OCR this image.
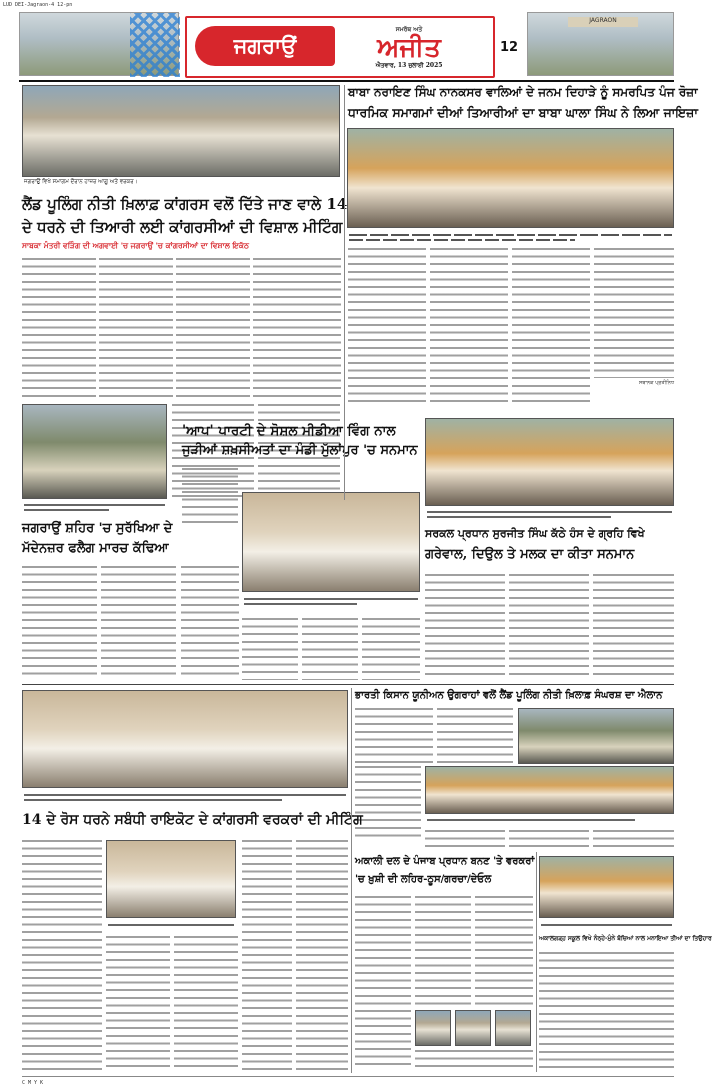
LUD DEI-Jagraon-4 12-pn
ਜਗਰਾਉਂ
ਸਮਰੱਥ ਅਤੇ
ਅਜੀਤ
ਐਤਵਾਰ, 13 ਜੁਲਾਈ 2025
12
JAGRAON
ਜਗਰਾਉਂ ਵਿਖੇ ਸਮਾਗਮ ਦੌਰਾਨ ਹਾਜ਼ਰ ਆਗੂ ਅਤੇ ਵਰਕਰ।
ਬਾਬਾ ਨਰਾਇਣ ਸਿੰਘ ਨਾਨਕਸਰ ਵਾਲਿਆਂ ਦੇ ਜਨਮ ਦਿਹਾੜੇ ਨੂੰ ਸਮਰਪਿਤ ਪੰਜ ਰੋਜ਼ਾ
ਧਾਰਮਿਕ ਸਮਾਗਮਾਂ ਦੀਆਂ ਤਿਆਰੀਆਂ ਦਾ ਬਾਬਾ ਘਾਲਾ ਸਿੰਘ ਨੇ ਲਿਆ ਜਾਇਜ਼ਾ
ਲੈਂਡ ਪੂਲਿੰਗ ਨੀਤੀ ਖ਼ਿਲਾਫ਼ ਕਾਂਗਰਸ ਵਲੋਂ ਦਿੱਤੇ ਜਾਣ ਵਾਲੇ 14
ਦੇ ਧਰਨੇ ਦੀ ਤਿਆਰੀ ਲਈ ਕਾਂਗਰਸੀਆਂ ਦੀ ਵਿਸ਼ਾਲ ਮੀਟਿੰਗ
ਸਾਬਕਾ ਮੰਤਰੀ ਵੜਿੰਗ ਦੀ ਅਗਵਾਈ 'ਚ ਜਗਰਾਉਂ 'ਚ ਕਾਂਗਰਸੀਆਂ ਦਾ ਵਿਸ਼ਾਲ ਇਕੱਠ
ਸਥਾਨਕ ਪ੍ਰਤੀਨਿਧ
'ਆਪ' ਪਾਰਟੀ ਦੇ ਸੋਸ਼ਲ ਮੀਡੀਆ ਵਿੰਗ ਨਾਲ
ਜੁੜੀਆਂ ਸ਼ਖ਼ਸੀਅਤਾਂ ਦਾ ਮੰਡੀ ਮੁੱਲਾਂਪੁਰ 'ਚ ਸਨਮਾਨ
ਜਗਰਾਉਂ ਸ਼ਹਿਰ 'ਚ ਸੁਰੱਖਿਆ ਦੇ
ਮੱਦੇਨਜ਼ਰ ਫਲੈਗ ਮਾਰਚ ਕੱਢਿਆ
ਸਰਕਲ ਪ੍ਰਧਾਨ ਸੁਰਜੀਤ ਸਿੰਘ ਕੱਠੇ ਹੰਸ ਦੇ ਗ੍ਰਹਿ ਵਿਖੇ
ਗਰੇਵਾਲ, ਦਿਉਲ ਤੇ ਮਲਕ ਦਾ ਕੀਤਾ ਸਨਮਾਨ
ਭਾਰਤੀ ਕਿਸਾਨ ਯੂਨੀਅਨ ਉਗਰਾਹਾਂ ਵਲੋਂ ਲੈਂਡ ਪੂਲਿੰਗ ਨੀਤੀ ਖ਼ਿਲਾਫ਼ ਸੰਘਰਸ਼ ਦਾ ਐਲਾਨ
14 ਦੇ ਰੋਸ ਧਰਨੇ ਸਬੰਧੀ ਰਾਇਕੋਟ ਦੇ ਕਾਂਗਰਸੀ ਵਰਕਰਾਂ ਦੀ ਮੀਟਿੰਗ
ਅਕਾਲੀ ਦਲ ਦੇ ਪੰਜਾਬ ਪ੍ਰਧਾਨ ਬਨਣ 'ਤੇ ਵਰਕਰਾਂ
'ਚ ਖ਼ੁਸ਼ੀ ਦੀ ਲਹਿਰ-ਠੂਸ/ਗਰਚਾ/ਦੇਓਲ
ਅਕਾਲਗੜ੍ਹ ਸਕੂਲ ਵਿਖੇ ਨੰਨ੍ਹੇ-ਮੁੰਨੇ ਬੱਚਿਆਂ ਨਾਲ ਮਨਾਇਆ ਤੀਆਂ ਦਾ ਤਿਉਹਾਰ
C M Y K
